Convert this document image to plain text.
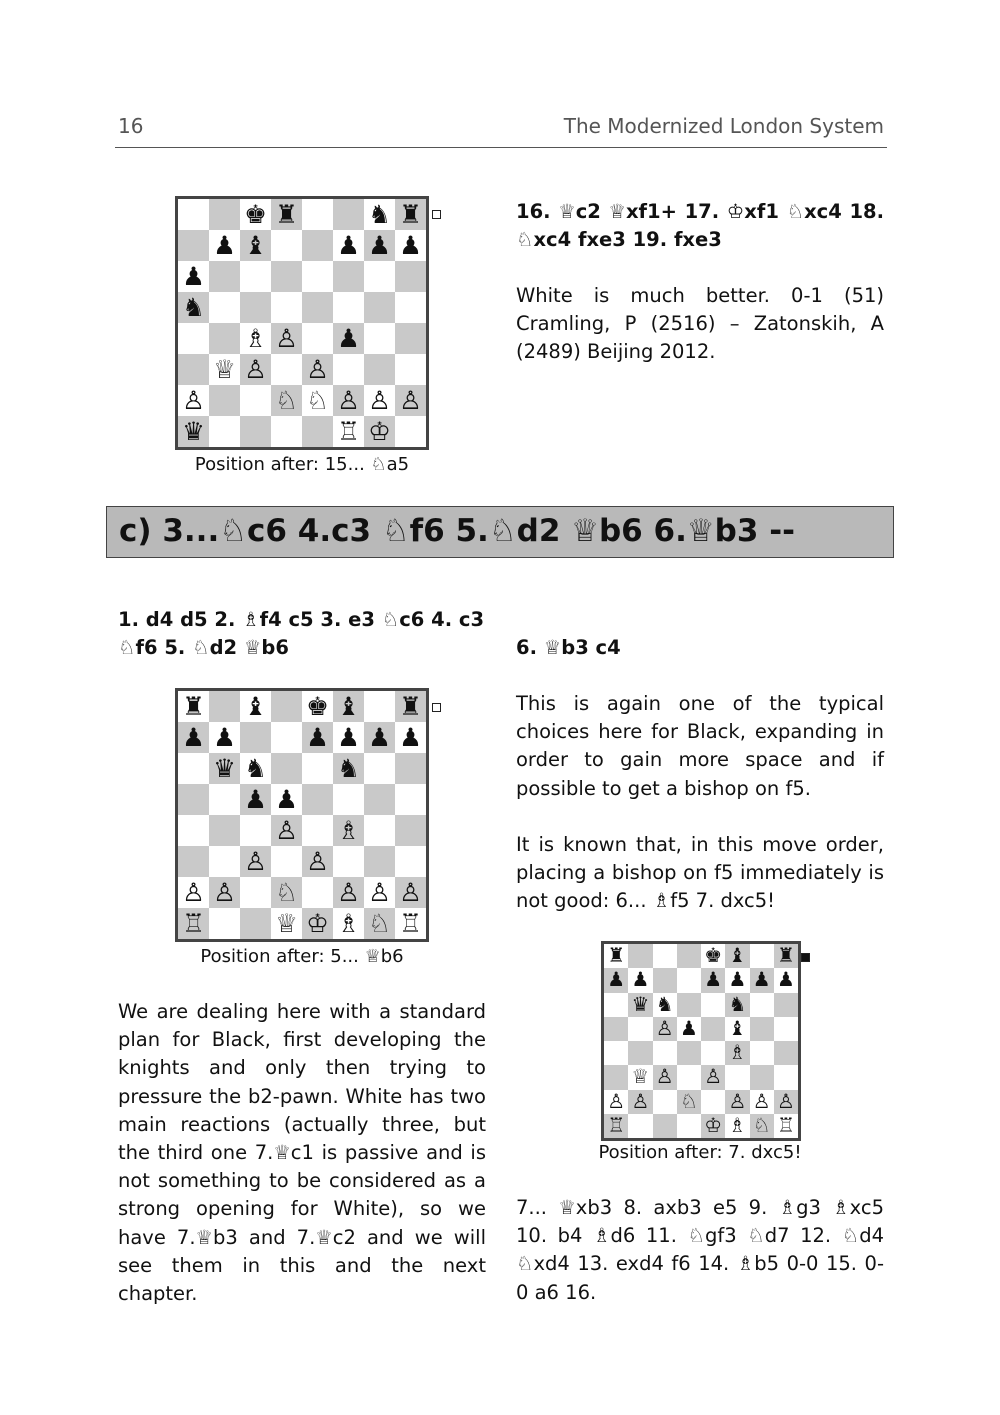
16	The Modernized London System
♚ ♜	♞ ♜
♟ ♝	♟ ♟ ♟
♟
♞
♗ ♙ ♟
♕ ♙ ♙
♙	♘ ♘ ♙ ♙ ♙
♛	♖ ♔
Position after: 15... ♘a5
16. ♕c2 ♕xf1+ 17. ♔xf1 ♘xc4 18. ♘xc4 fxe3 19. fxe3
White is much better. 0-1 (51) Cramling, P (2516) – Zatonskih, A (2489) Beijing 2012.
c) 3...♘c6 4.c3 ♘f6 5.♘d2 ♕b6 6.♕b3 --
1. d4 d5 2. ♗f4 c5 3. e3 ♘c6 4. c3 ♘f6 5. ♘d2 ♕b6
♜ ♝ ♚ ♝ ♜
♟ ♟	♟ ♟ ♟ ♟
♛ ♞	♞
♟ ♟
♙ ♗
♙ ♙
♙ ♙ ♘ ♙ ♙ ♙
♖	♕ ♔ ♗ ♘ ♖
Position after: 5... ♕b6
We are dealing here with a standard plan for Black, first developing the knights and only then trying to pressure the b2-pawn. White has two main reactions (actually three, but the third one 7.♕c1 is passive and is not something to be considered as a strong opening for White), so we have 7.♕b3 and 7.♕c2 and we will see them in this and the next chapter.
6. ♕b3 c4
This is again one of the typical choices here for Black, expanding in order to gain more space and if possible to get a bishop on f5.
It is known that, in this move order, placing a bishop on f5 immediately is not good: 6... ♗f5 7. dxc5!
♜	♚ ♝ ♜
♟ ♟	♟ ♟ ♟ ♟
♛ ♞	♞
♙ ♟ ♝
♗
♕ ♙ ♙
♙ ♙ ♘ ♙ ♙ ♙
♖	♔ ♗ ♘ ♖
Position after: 7. dxc5!
7... ♕xb3 8. axb3 e5 9. ♗g3 ♗xc5 10. b4 ♗d6 11. ♘gf3 ♘d7 12. ♘d4 ♘xd4 13. exd4 f6 14. ♗b5 0-0 15. 0-0 a6 16.
